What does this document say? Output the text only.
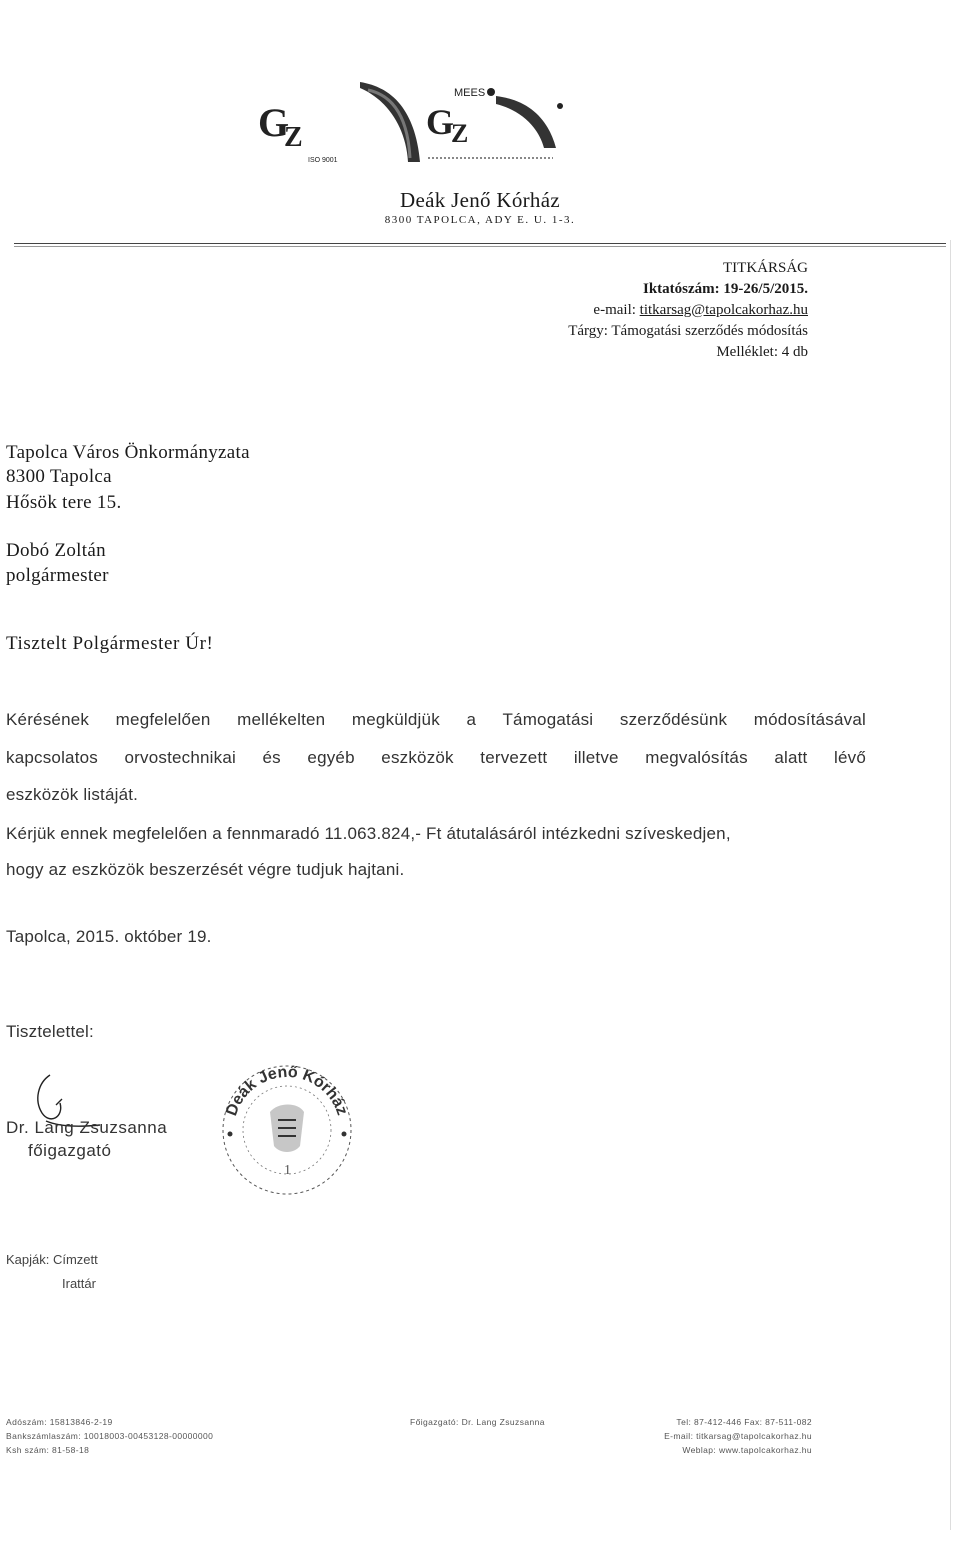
G
Z
ISO 9001
G
Z
MEES
Deák Jenő Kórház
8300 TAPOLCA, ADY E. U. 1-3.
TITKÁRSÁG
Iktatószám: 19-26/5/2015.
e-mail: titkarsag@tapolcakorhaz.hu
Tárgy: Támogatási szerződés módosítás
Melléklet: 4 db
Tapolca Város Önkormányzata
8300 Tapolca
Hősök tere 15.
Dobó Zoltán
polgármester
Tisztelt Polgármester Úr!
Kérésének megfelelően mellékelten megküldjük a Támogatási szerződésünk módosításával
kapcsolatos orvostechnikai és egyéb eszközök tervezett illetve megvalósítás alatt lévő
eszközök listáját.
Kérjük ennek megfelelően a fennmaradó 11.063.824,- Ft átutalásáról intézkedni szíveskedjen,
hogy az eszközök beszerzését végre tudjuk hajtani.
Tapolca, 2015. október 19.
Tisztelettel:
Dr. Lang Zsuzsanna
főigazgató
Deák Jenő Kórház
1
Kapják: Címzett
Irattár
Adószám: 15813846-2-19
Bankszámlaszám: 10018003-00453128-00000000
Ksh szám: 81-58-18
Főigazgató: Dr. Lang Zsuzsanna	Tel: 87-412-446 Fax: 87-511-082
E-mail: titkarsag@tapolcakorhaz.hu
Weblap: www.tapolcakorhaz.hu
